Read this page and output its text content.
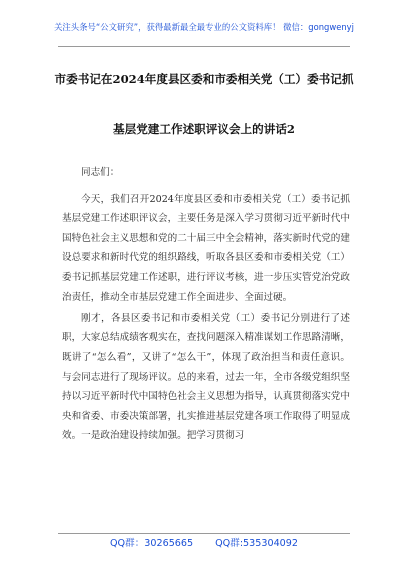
关注头条号“公文研究”，获得最新最全最专业的公文资料库！ 微信：gongwenyj
市委书记在2024年度县区委和市委相关党（工）委书记抓
基层党建工作述职评议会上的讲话2

同志们：

今天，我们召开2024年度县区委和市委相关党（工）委书记抓基层党建工作述职评议会，主要任务是深入学习贯彻习近平新时代中国特色社会主义思想和党的二十届三中全会精神，落实新时代党的建设总要求和新时代党的组织路线，听取各县区委和市委相关党（工）委书记抓基层党建工作述职，进行评议考核，进一步压实管党治党政治责任，推动全市基层党建工作全面进步、全面过硬。

刚才，各县区委书记和市委相关党（工）委书记分别进行了述职，大家总结成绩客观实在，查找问题深入精准谋划工作思路清晰，既讲了“怎么看”，又讲了“怎么干”，体现了政治担当和责任意识。与会同志进行了现场评议。总的来看，过去一年，全市各级党组织坚持以习近平新时代中国特色社会主义思想为指导，认真贯彻落实党中央和省委、市委决策部署，扎实推进基层党建各项工作取得了明显成效。一是政治建设持续加强。把学习贯彻习

QQ群：30265665 QQ群:535304092
